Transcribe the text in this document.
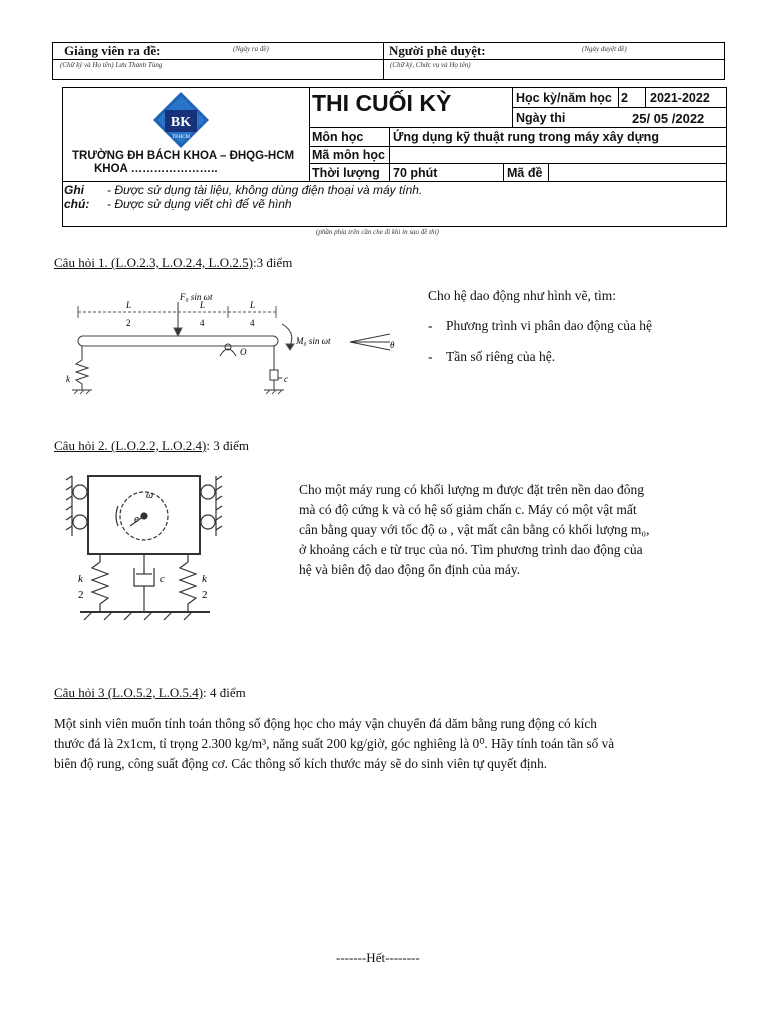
Giảng viên ra đề:	(Ngày ra đề)
(Chữ ký và Họ tên) Lưu Thanh Tùng
Người phê duyệt:	(Ngày duyệt đề)
(Chữ ký, Chức vụ và Họ tên)
BK
TP.HCM
TRƯỜNG ĐH BÁCH KHOA – ĐHQG-HCM
KHOA …………………..
THI CUỐI KỲ	Học kỳ/năm học 2 2021-2022
Ngày thi	25/ 05 /2022
Môn học Ứng dụng kỹ thuật rung trong máy xây dựng
Mã môn học
Thời lượng 70 phút	Mã đề
Ghi
chú:
- Được sử dụng tài liệu, không dùng điện thoại và máy tính.
- Được sử dụng viết chì để vẽ hình
(phần phía trên cần che đi khi in sao đề thi)
Câu hỏi 1. (L.O.2.3, L.O.2.4, L.O.2.5):3 điểm
F₀ sin ωt
M₀ sin ωt
L
2
L
4
L
4
k	c
O
θ
Cho hệ dao động như hình vẽ, tìm:
-    Phương trình vi phân dao động của hệ
-    Tần số riêng của hệ.
Câu hỏi 2. (L.O.2.2, L.O.2.4): 3 điểm
ω
e
k
2
k
2
c
Cho một máy rung có khối lượng m được đặt trên nền dao đông
mà có độ cứng k và có hệ số giảm chấn c. Máy có một vật mất
cân bằng quay với tốc độ ω , vật mất cân bằng có khối lượng m₀,
ở khoảng cách e từ trục của nó. Tìm phương trình dao động của
hệ và biên độ dao động ổn định của máy.
Câu hỏi 3 (L.O.5.2, L.O.5.4): 4 điểm
Một sinh viên muốn tính toán thông số động học cho máy vận chuyển đá dăm bằng rung động có kích
thước đá là 2x1cm, tỉ trọng 2.300 kg/m³, năng suất 200 kg/giờ, góc nghiêng là 0⁰. Hãy tính toán tần số và
biên độ rung, công suất động cơ. Các thông số kích thước máy sẽ do sinh viên tự quyết định.
-------Hết--------
